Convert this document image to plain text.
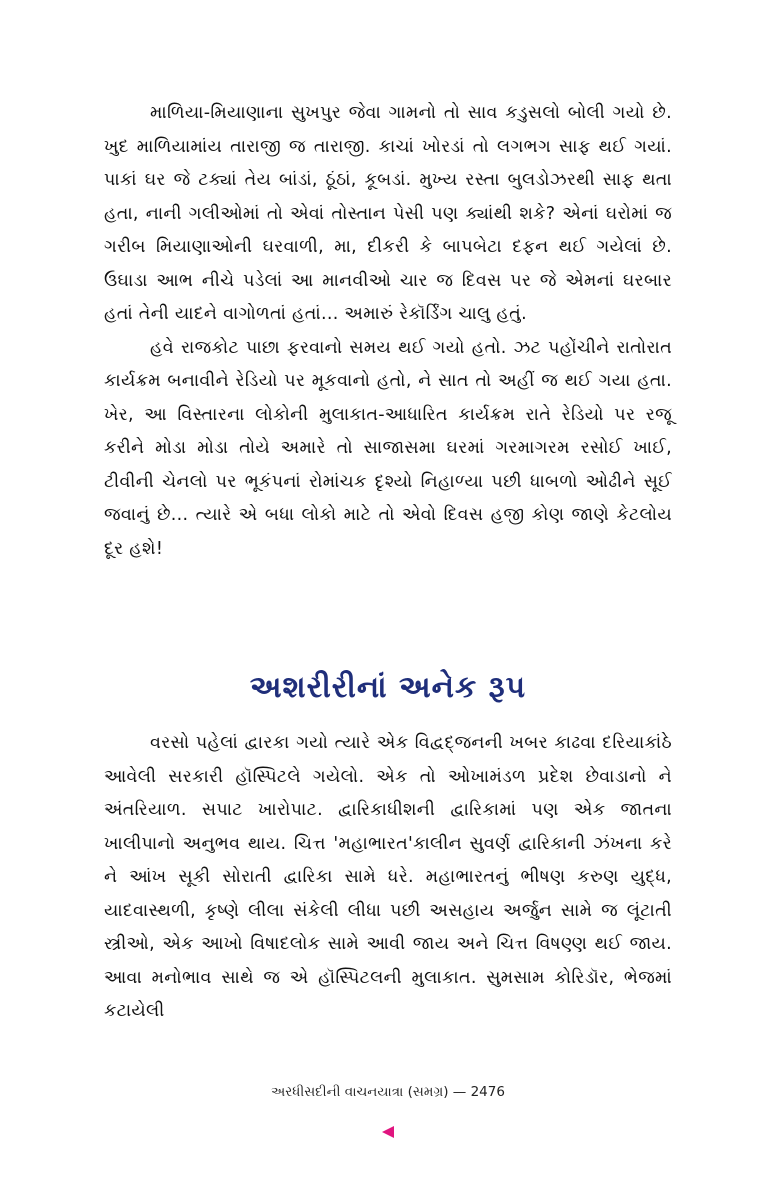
માળિયા-મિયાણાના સુખપુર જેવા ગામનો તો સાવ કડુસલો બોલી ગયો છે. ખુદ માળિયામાંય તારાજી જ તારાજી. કાચાં ખોરડાં તો લગભગ સાફ થઈ ગયાં. પાકાં ઘર જે ટક્યાં તેય બાંડાં, ઠૂંઠાં, કૂબડાં. મુખ્ય રસ્તા બુલડોઝરથી સાફ થતા હતા, નાની ગલીઓમાં તો એવાં તોસ્તાન પેસી પણ ક્યાંથી શકે? એનાં ઘરોમાં જ ગરીબ મિયાણાઓની ઘરવાળી, મા, દીકરી કે બાપબેટા દફન થઈ ગયેલાં છે. ઉઘાડા આભ નીચે પડેલાં આ માનવીઓ ચાર જ દિવસ પર જે એમનાં ઘરબાર હતાં તેની યાદને વાગોળતાં હતાં... અમારું રેકૉર્ડિંગ ચાલુ હતું.

હવે રાજકોટ પાછા ફરવાનો સમય થઈ ગયો હતો. ઝટ પહોંચીને રાતોરાત કાર્યક્રમ બનાવીને રેડિયો પર મૂકવાનો હતો, ને સાત તો અહીં જ થઈ ગયા હતા. ખેર, આ વિસ્તારના લોકોની મુલાકાત-આધારિત કાર્યક્રમ રાતે રેડિયો પર રજૂ કરીને મોડા મોડા તોયે અમારે તો સાજાસમા ઘરમાં ગરમાગરમ રસોઈ ખાઈ, ટીવીની ચેનલો પર ભૂકંપનાં રોમાંચક દૃશ્યો નિહાળ્યા પછી ધાબળો ઓઢીને સૂઈ જવાનું છે... ત્યારે એ બધા લોકો માટે તો એવો દિવસ હજી કોણ જાણે કેટલોય દૂર હશે!

અશરીરીનાં અનેક રૂપ

વરસો પહેલાં દ્વારકા ગયો ત્યારે એક વિદ્વદ્જનની ખબર કાઢવા દરિયાકાંઠે આવેલી સરકારી હૉસ્પિટલે ગયેલો. એક તો ઓખામંડળ પ્રદેશ છેવાડાનો ને અંતરિયાળ. સપાટ ખારોપાટ. દ્વારિકાધીશની દ્વારિકામાં પણ એક જાતના ખાલીપાનો અનુભવ થાય. ચિત્ત 'મહાભારત'કાલીન સુવર્ણ દ્વારિકાની ઝંખના કરે ને આંખ સૂકી સોરાતી દ્વારિકા સામે ધરે. મહાભારતનું ભીષણ કરુણ યુદ્ધ, યાદવાસ્થળી, કૃષ્ણે લીલા સંકેલી લીધા પછી અસહાય અર્જુન સામે જ લૂંટાતી સ્ત્રીઓ, એક આખો વિષાદલોક સામે આવી જાય અને ચિત્ત વિષણ્ણ થઈ જાય. આવા મનોભાવ સાથે જ એ હૉસ્પિટલની મુલાકાત. સુમસામ કોરિડૉર, ભેજમાં કટાયેલી

અરધીસદીની વાચનયાત્રા (સમગ્ર) — 2476
